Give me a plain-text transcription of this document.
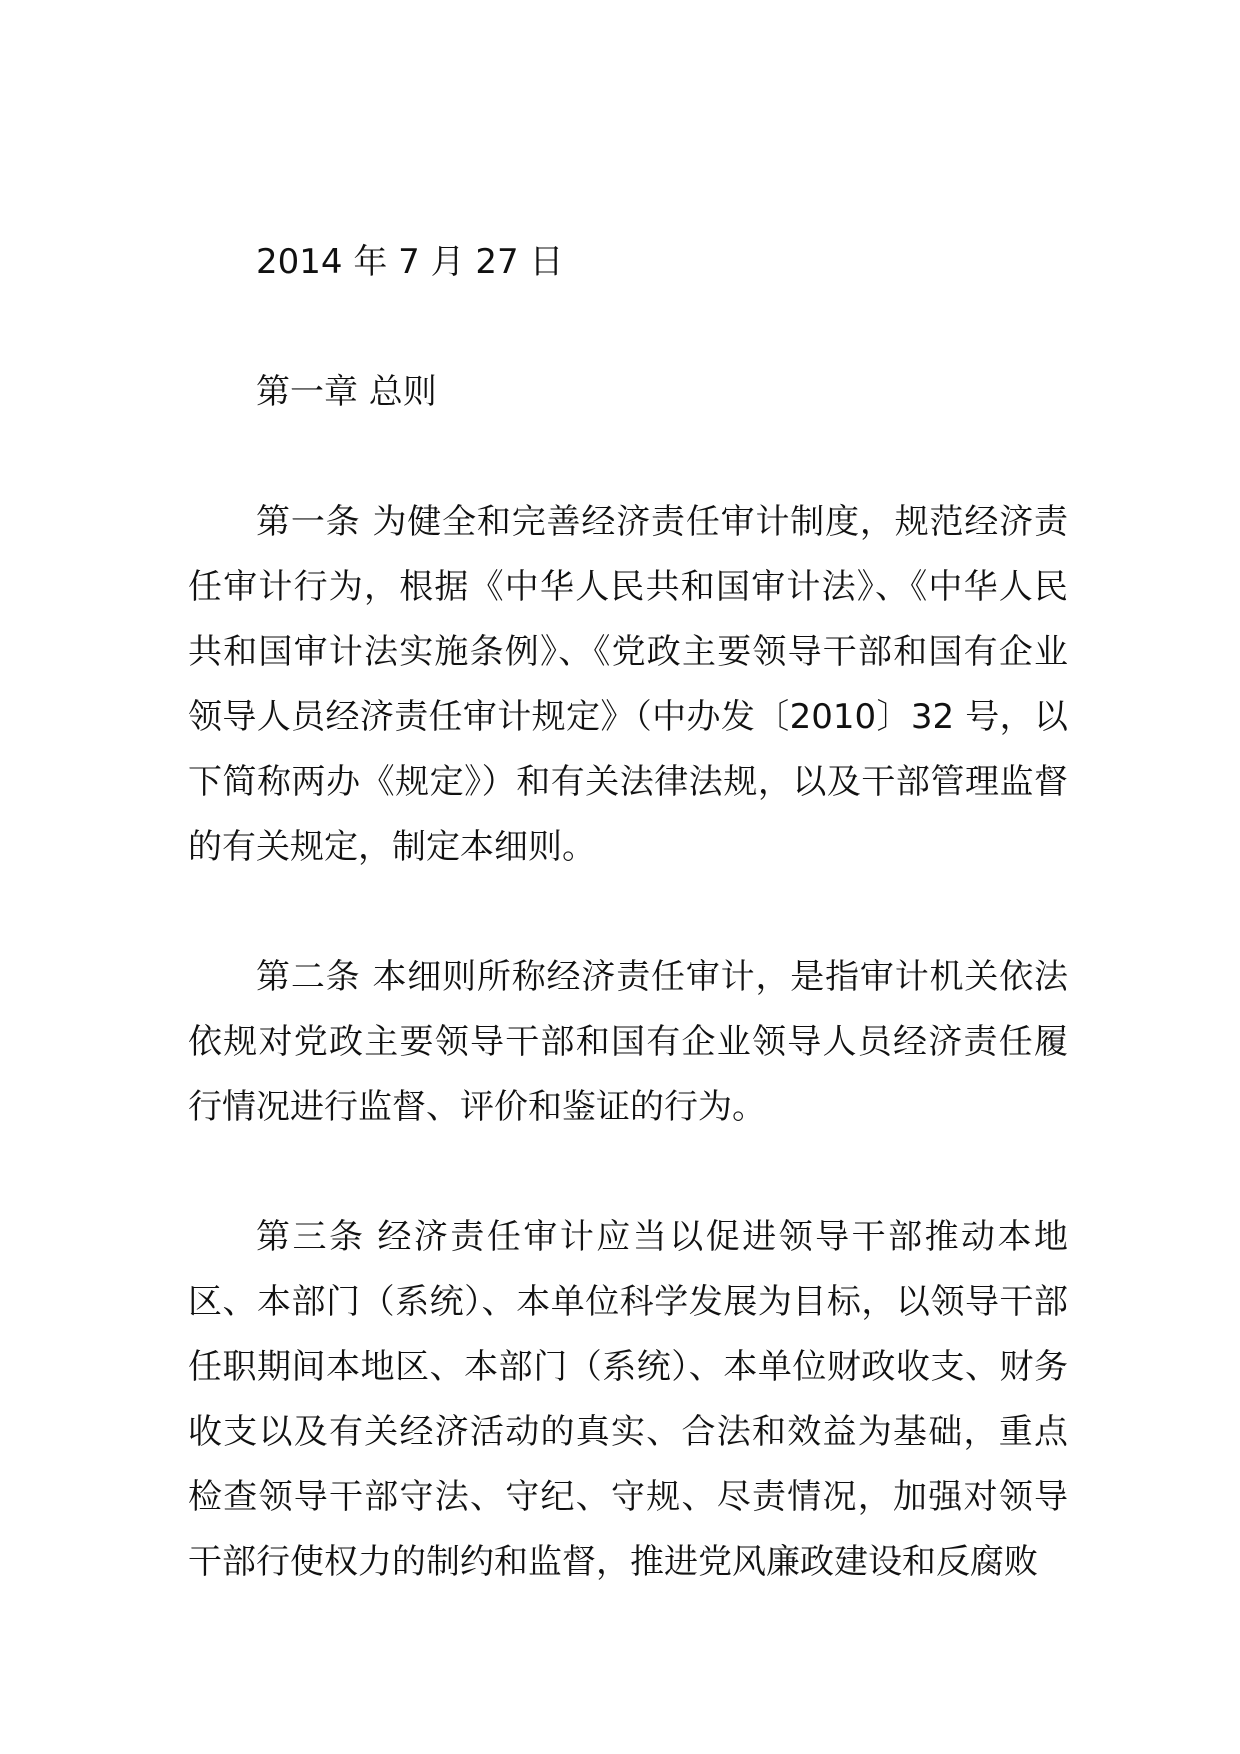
2014 年 7 月 27 日

第一章 总则

第一条 为健全和完善经济责任审计制度，规范经济责任审计行为，根据《中华人民共和国审计法》、《中华人民共和国审计法实施条例》、《党政主要领导干部和国有企业领导人员经济责任审计规定》（中办发〔2010〕32 号，以下简称两办《规定》）和有关法律法规，以及干部管理监督的有关规定，制定本细则。

第二条 本细则所称经济责任审计，是指审计机关依法依规对党政主要领导干部和国有企业领导人员经济责任履行情况进行监督、评价和鉴证的行为。

第三条 经济责任审计应当以促进领导干部推动本地区、本部门（系统）、本单位科学发展为目标，以领导干部任职期间本地区、本部门（系统）、本单位财政收支、财务收支以及有关经济活动的真实、合法和效益为基础，重点检查领导干部守法、守纪、守规、尽责情况，加强对领导干部行使权力的制约和监督，推进党风廉政建设和反腐败
